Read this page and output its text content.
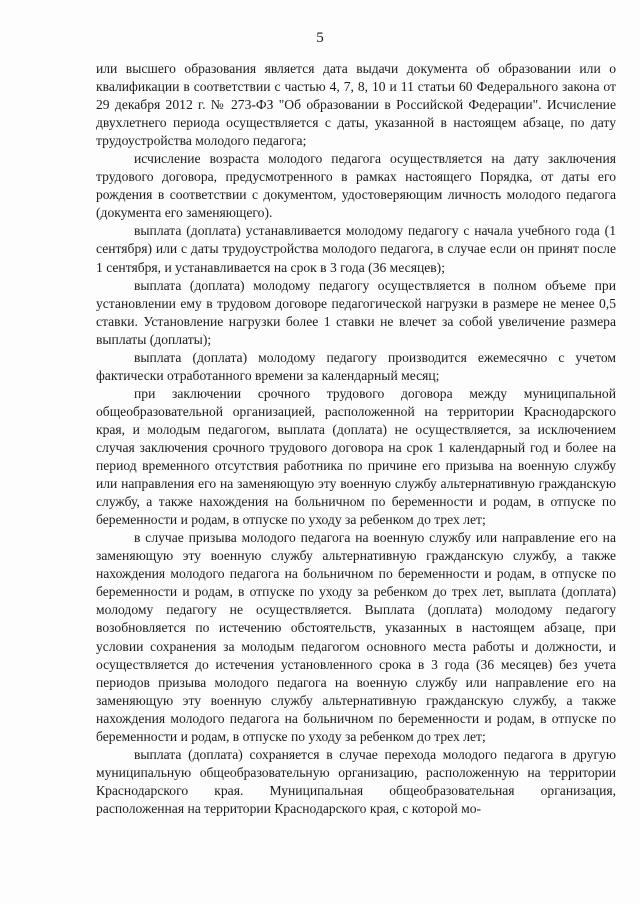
5

или высшего образования является дата выдачи документа об образовании или о квалификации в соответствии с частью 4, 7, 8, 10 и 11 статьи 60 Федерального закона от 29 декабря 2012 г. № 273-ФЗ "Об образовании в Российской Федерации". Исчисление двухлетнего периода осуществляется с даты, указанной в настоящем абзаце, по дату трудоустройства молодого педагога;

исчисление возраста молодого педагога осуществляется на дату заключения трудового договора, предусмотренного в рамках настоящего Порядка, от даты его рождения в соответствии с документом, удостоверяющим личность молодого педагога (документа его заменяющего).

выплата (доплата) устанавливается молодому педагогу с начала учебного года (1 сентября) или с даты трудоустройства молодого педагога, в случае если он принят после 1 сентября, и устанавливается на срок в 3 года (36 месяцев);

выплата (доплата) молодому педагогу осуществляется в полном объеме при установлении ему в трудовом договоре педагогической нагрузки в размере не менее 0,5 ставки. Установление нагрузки более 1 ставки не влечет за собой увеличение размера выплаты (доплаты);

выплата (доплата) молодому педагогу производится ежемесячно с учетом фактически отработанного времени за календарный месяц;

при заключении срочного трудового договора между муниципальной общеобразовательной организацией, расположенной на территории Краснодарского края, и молодым педагогом, выплата (доплата) не осуществляется, за исключением случая заключения срочного трудового договора на срок 1 календарный год и более на период временного отсутствия работника по причине его призыва на военную службу или направления его на заменяющую эту военную службу альтернативную гражданскую службу, а также нахождения на больничном по беременности и родам, в отпуске по беременности и родам, в отпуске по уходу за ребенком до трех лет;

в случае призыва молодого педагога на военную службу или направление его на заменяющую эту военную службу альтернативную гражданскую службу, а также нахождения молодого педагога на больничном по беременности и родам, в отпуске по беременности и родам, в отпуске по уходу за ребенком до трех лет, выплата (доплата) молодому педагогу не осуществляется. Выплата (доплата) молодому педагогу возобновляется по истечению обстоятельств, указанных в настоящем абзаце, при условии сохранения за молодым педагогом основного места работы и должности, и осуществляется до истечения установленного срока в 3 года (36 месяцев) без учета периодов призыва молодого педагога на военную службу или направление его на заменяющую эту военную службу альтернативную гражданскую службу, а также нахождения молодого педагога на больничном по беременности и родам, в отпуске по беременности и родам, в отпуске по уходу за ребенком до трех лет;

выплата (доплата) сохраняется в случае перехода молодого педагога в другую муниципальную общеобразовательную организацию, расположенную на территории Краснодарского края. Муниципальная общеобразовательная организация, расположенная на территории Краснодарского края, с которой мо-
